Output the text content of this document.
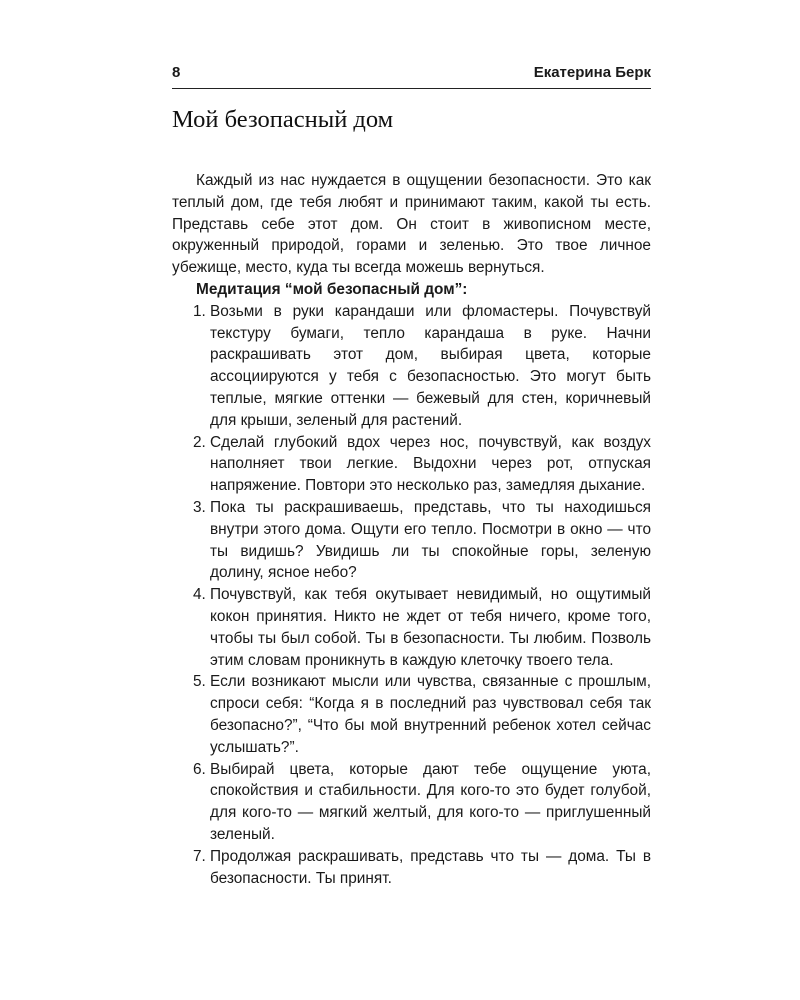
8	Екатерина Берк
Мой безопасный дом

Каждый из нас нуждается в ощущении безопасности. Это как теплый дом, где тебя любят и принимают таким, какой ты есть. Представь себе этот дом. Он стоит в живописном месте, окруженный природой, горами и зеленью. Это твое личное убежище, место, куда ты всегда можешь вернуться.

Медитация “мой безопасный дом”:
1. Возьми в руки карандаши или фломастеры. Почувствуй текстуру бумаги, тепло карандаша в руке. Начни раскрашивать этот дом, выбирая цвета, которые ассоциируются у тебя с безопасностью. Это могут быть теплые, мягкие оттенки — бежевый для стен, коричневый для крыши, зеленый для растений.
2. Сделай глубокий вдох через нос, почувствуй, как воздух наполняет твои легкие. Выдохни через рот, отпуская напряжение. Повтори это несколько раз, замедляя дыхание.
3. Пока ты раскрашиваешь, представь, что ты находишься внутри этого дома. Ощути его тепло. Посмотри в окно — что ты видишь? Увидишь ли ты спокойные горы, зеленую долину, ясное небо?
4. Почувствуй, как тебя окутывает невидимый, но ощутимый кокон принятия. Никто не ждет от тебя ничего, кроме того, чтобы ты был собой. Ты в безопасности. Ты любим. Позволь этим словам проникнуть в каждую клеточку твоего тела.
5. Если возникают мысли или чувства, связанные с прошлым, спроси себя: “Когда я в последний раз чувствовал себя так безопасно?”, “Что бы мой внутренний ребенок хотел сейчас услышать?”.
6. Выбирай цвета, которые дают тебе ощущение уюта, спокойствия и стабильности. Для кого-то это будет голубой, для кого-то — мягкий желтый, для кого-то — приглушенный зеленый.
7. Продолжая раскрашивать, представь что ты — дома. Ты в безопасности. Ты принят.
